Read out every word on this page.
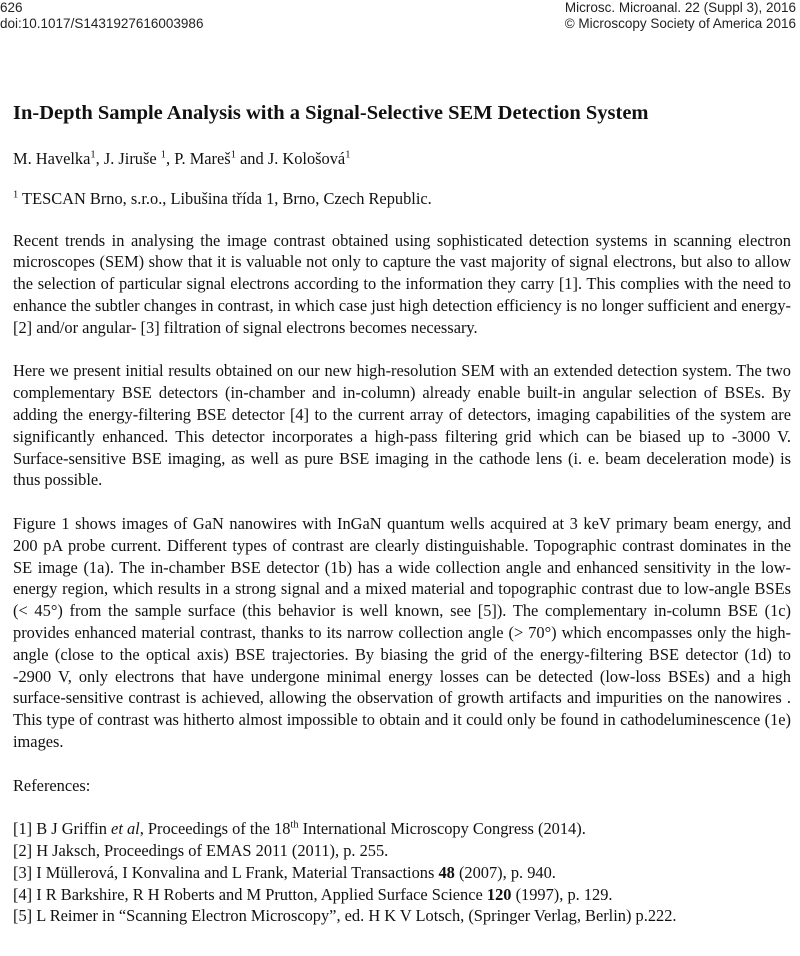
626
doi:10.1017/S1431927616003986
Microsc. Microanal. 22 (Suppl 3), 2016
© Microscopy Society of America 2016
In-Depth Sample Analysis with a Signal-Selective SEM Detection System
M. Havelka$^1$, J. Jiruše $^1$, P. Mareš$^1$ and J. Kološová$^1$
$^1$ TESCAN Brno, s.r.o., Libušina třída 1, Brno, Czech Republic.

Recent trends in analysing the image contrast obtained using sophisticated detection systems in scanning electron microscopes (SEM) show that it is valuable not only to capture the vast majority of signal electrons, but also to allow the selection of particular signal electrons according to the information they carry [1]. This complies with the need to enhance the subtler changes in contrast, in which case just high detection efficiency is no longer sufficient and energy- [2] and/or angular- [3] filtration of signal electrons becomes necessary.

Here we present initial results obtained on our new high-resolution SEM with an extended detection system. The two complementary BSE detectors (in-chamber and in-column) already enable built-in angular selection of BSEs. By adding the energy-filtering BSE detector [4] to the current array of detectors, imaging capabilities of the system are significantly enhanced. This detector incorporates a high-pass filtering grid which can be biased up to -3000 V. Surface-sensitive BSE imaging, as well as pure BSE imaging in the cathode lens (i. e. beam deceleration mode) is thus possible.

Figure 1 shows images of GaN nanowires with InGaN quantum wells acquired at 3 keV primary beam energy, and 200 pA probe current. Different types of contrast are clearly distinguishable. Topographic contrast dominates in the SE image (1a). The in-chamber BSE detector (1b) has a wide collection angle and enhanced sensitivity in the low-energy region, which results in a strong signal and a mixed material and topographic contrast due to low-angle BSEs (< 45°) from the sample surface (this behavior is well known, see [5]). The complementary in-column BSE (1c) provides enhanced material contrast, thanks to its narrow collection angle (> 70°) which encompasses only the high-angle (close to the optical axis) BSE trajectories. By biasing the grid of the energy-filtering BSE detector (1d) to -2900 V, only electrons that have undergone minimal energy losses can be detected (low-loss BSEs) and a high surface-sensitive contrast is achieved, allowing the observation of growth artifacts and impurities on the nanowires . This type of contrast was hitherto almost impossible to obtain and it could only be found in cathodeluminescence (1e) images.

References:
[1] B J Griffin et al, Proceedings of the 18th International Microscopy Congress (2014).
[2] H Jaksch, Proceedings of EMAS 2011 (2011), p. 255.
[3] I Müllerová, I Konvalina and L Frank, Material Transactions 48 (2007), p. 940.
[4] I R Barkshire, R H Roberts and M Prutton, Applied Surface Science 120 (1997), p. 129.
[5] L Reimer in “Scanning Electron Microscopy”, ed. H K V Lotsch, (Springer Verlag, Berlin) p.222.
